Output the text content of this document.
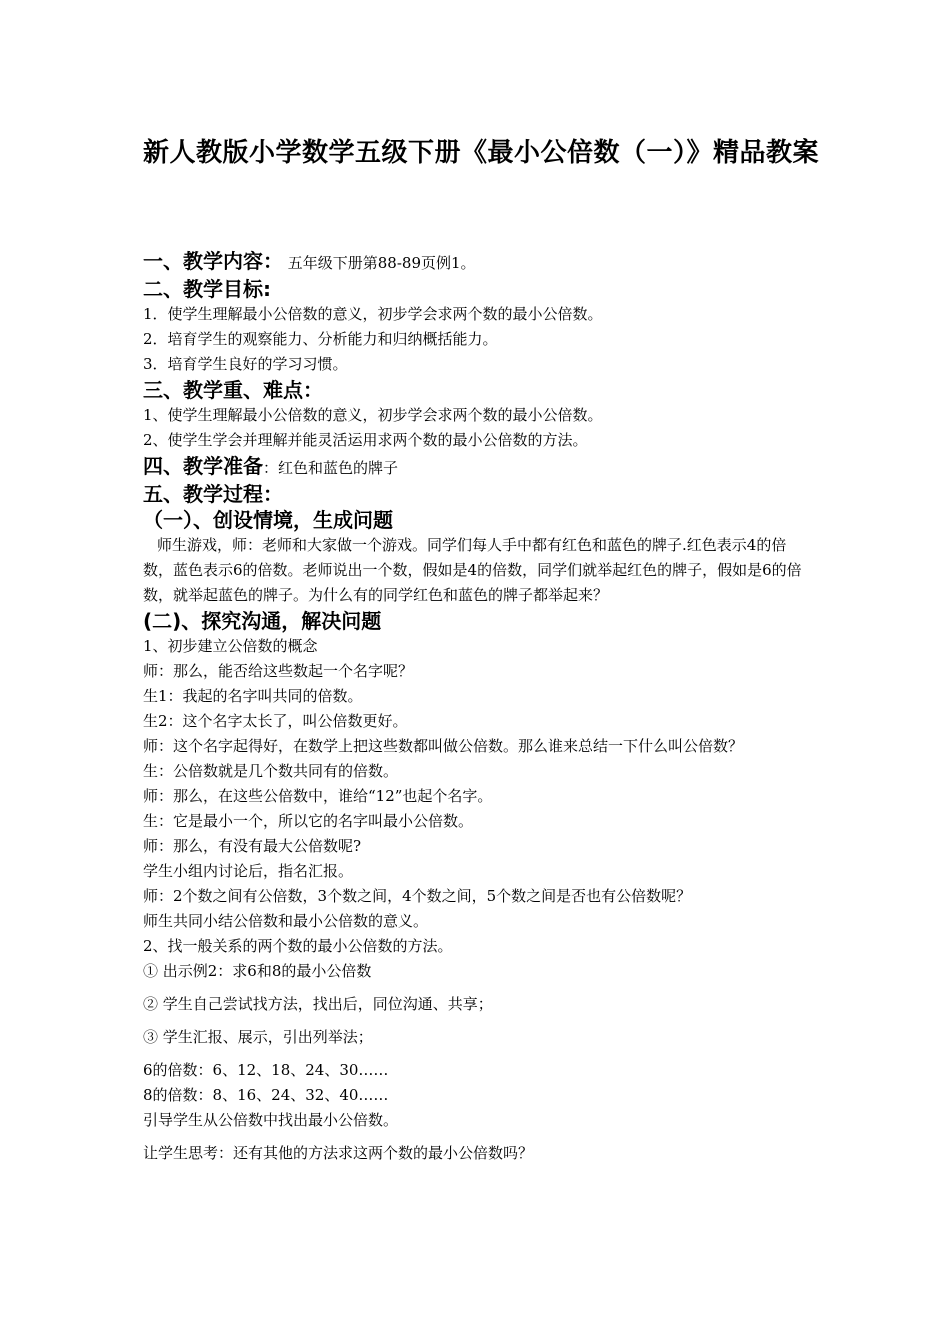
新人教版小学数学五级下册《最小公倍数（一）》精品教案

一、教学内容： 五年级下册第88-89页例1。

二、教学目标:

1．使学生理解最小公倍数的意义，初步学会求两个数的最小公倍数。

2．培育学生的观察能力、分析能力和归纳概括能力。

3．培育学生良好的学习习惯。

三、教学重、难点：

1、使学生理解最小公倍数的意义，初步学会求两个数的最小公倍数。

2、使学生学会并理解并能灵活运用求两个数的最小公倍数的方法。

四、教学准备：红色和蓝色的牌子

五、教学过程：

（一）、创设情境，生成问题

师生游戏，师：老师和大家做一个游戏。同学们每人手中都有红色和蓝色的牌子.红色表示4的倍数，蓝色表示6的倍数。老师说出一个数，假如是4的倍数，同学们就举起红色的牌子，假如是6的倍数，就举起蓝色的牌子。为什么有的同学红色和蓝色的牌子都举起来？

(二)、探究沟通，解决问题

1、初步建立公倍数的概念

师：那么，能否给这些数起一个名字呢？

生1：我起的名字叫共同的倍数。

生2：这个名字太长了，叫公倍数更好。

师：这个名字起得好，在数学上把这些数都叫做公倍数。那么谁来总结一下什么叫公倍数？

生：公倍数就是几个数共同有的倍数。

师：那么，在这些公倍数中，谁给“12”也起个名字。

生：它是最小一个，所以它的名字叫最小公倍数。

师：那么，有没有最大公倍数呢?

学生小组内讨论后，指名汇报。

师：2个数之间有公倍数，3个数之间，4个数之间，5个数之间是否也有公倍数呢？

师生共同小结公倍数和最小公倍数的意义。

2、找一般关系的两个数的最小公倍数的方法。

① 出示例2：求6和8的最小公倍数

② 学生自己尝试找方法，找出后，同位沟通、共享；

③ 学生汇报、展示，引出列举法；

6的倍数：6、12、18、24、30……

8的倍数：8、16、24、32、40……

引导学生从公倍数中找出最小公倍数。

让学生思考：还有其他的方法求这两个数的最小公倍数吗？
